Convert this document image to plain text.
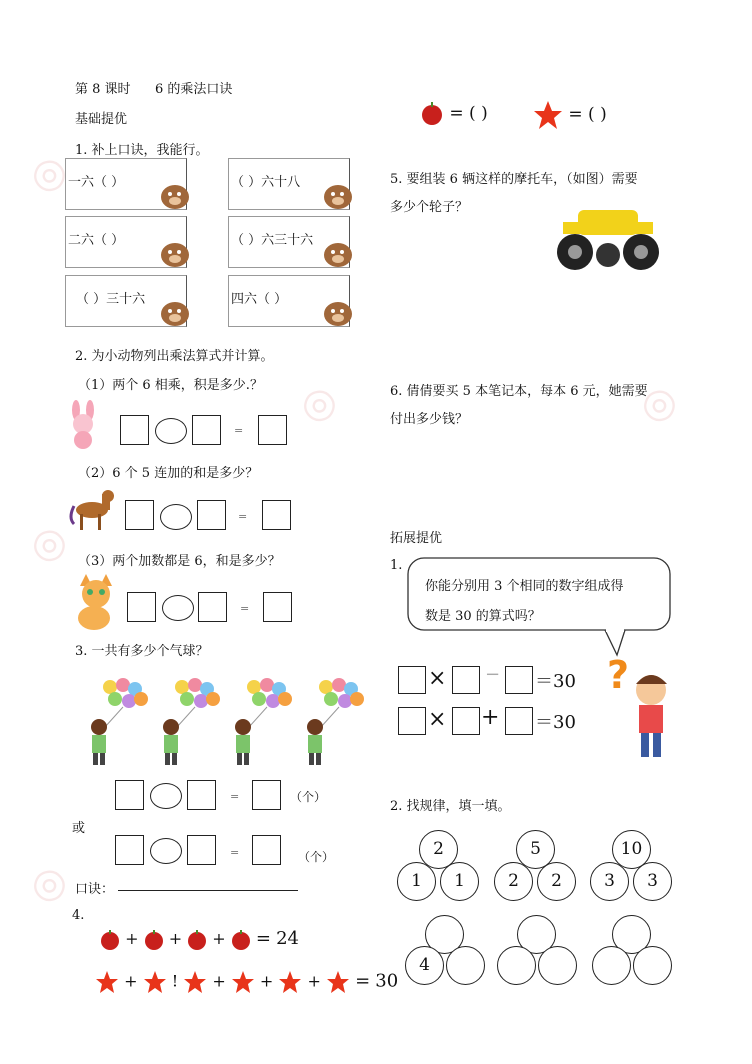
◎
◎
◎
◎	◎
第 8 课时 6 的乘法口诀
基础提优
1. 补上口诀，我能行。
一六（ ）	（ ）六十八
二六（ ）	（ ）六三十六
（ ）三十六	四六（ ）
2. 为小动物列出乘法算式并计算。
（1）两个 6 相乘，积是多少.？
=
（2）6 个 5 连加的和是多少？
=
（3）两个加数都是 6，和是多少？
=
3. 一共有多少个气球？
=	（个）
或
=	（个）
口诀：
4.
+ + + = 24
+ ! + + + = 30
= ( )	= ( )
5. 要组装 6 辆这样的摩托车，（如图）需要
多少个轮子？
6. 倩倩要买 5 本笔记本，每本 6 元，她需要
付出多少钱？
拓展提优
1.
你能分别用 3 个相同的数字组成得
数是 30 的算式吗？
× − ＝30
× + ＝30
?
2. 找规律，填一填。
2
1	1
5
2	2
10
3	3
4
